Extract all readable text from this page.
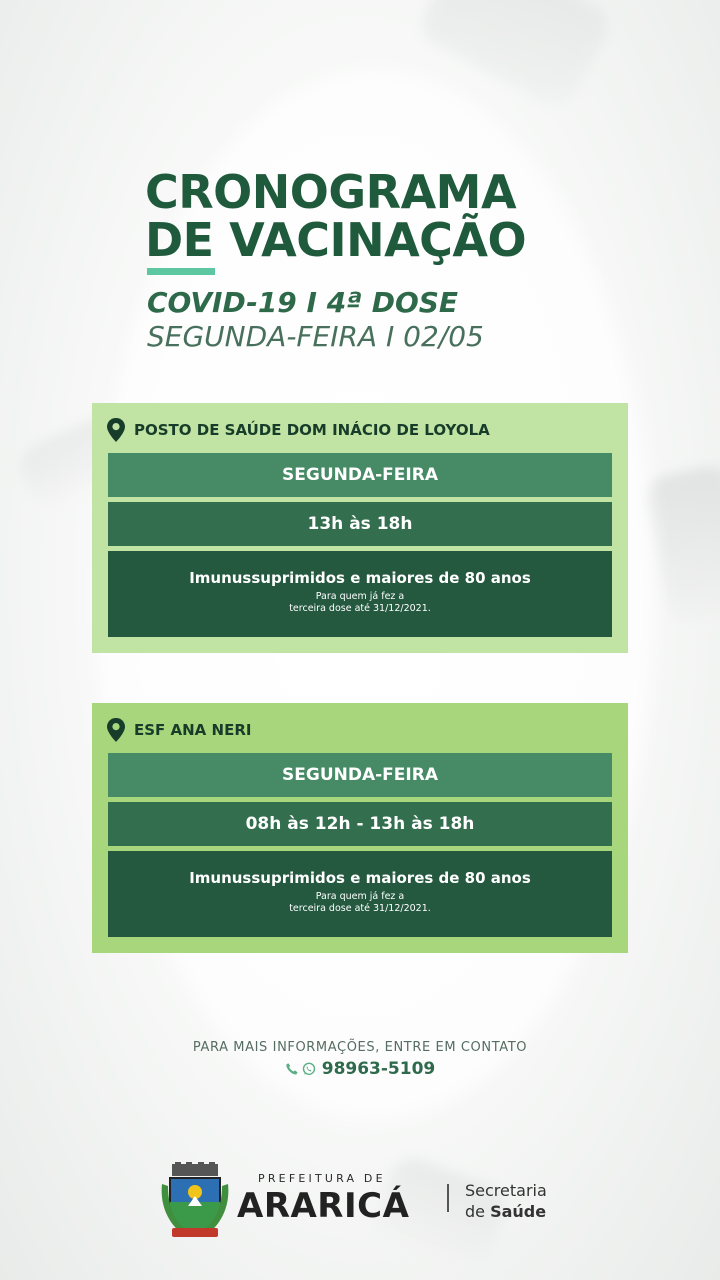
CRONOGRAMA
DE VACINAÇÃO
COVID-19 I 4ª DOSE
SEGUNDA-FEIRA I 02/05
POSTO DE SAÚDE DOM INÁCIO DE LOYOLA
SEGUNDA-FEIRA
13h às 18h
Imunussuprimidos e maiores de 80 anos
Para quem já fez a
terceira dose até 31/12/2021.
ESF ANA NERI
SEGUNDA-FEIRA
08h às 12h - 13h às 18h
Imunussuprimidos e maiores de 80 anos
Para quem já fez a
terceira dose até 31/12/2021.
PARA MAIS INFORMAÇÕES, ENTRE EM CONTATO
98963-5109
PREFEITURA DE
ARARICÁ	Secretaria
de Saúde
